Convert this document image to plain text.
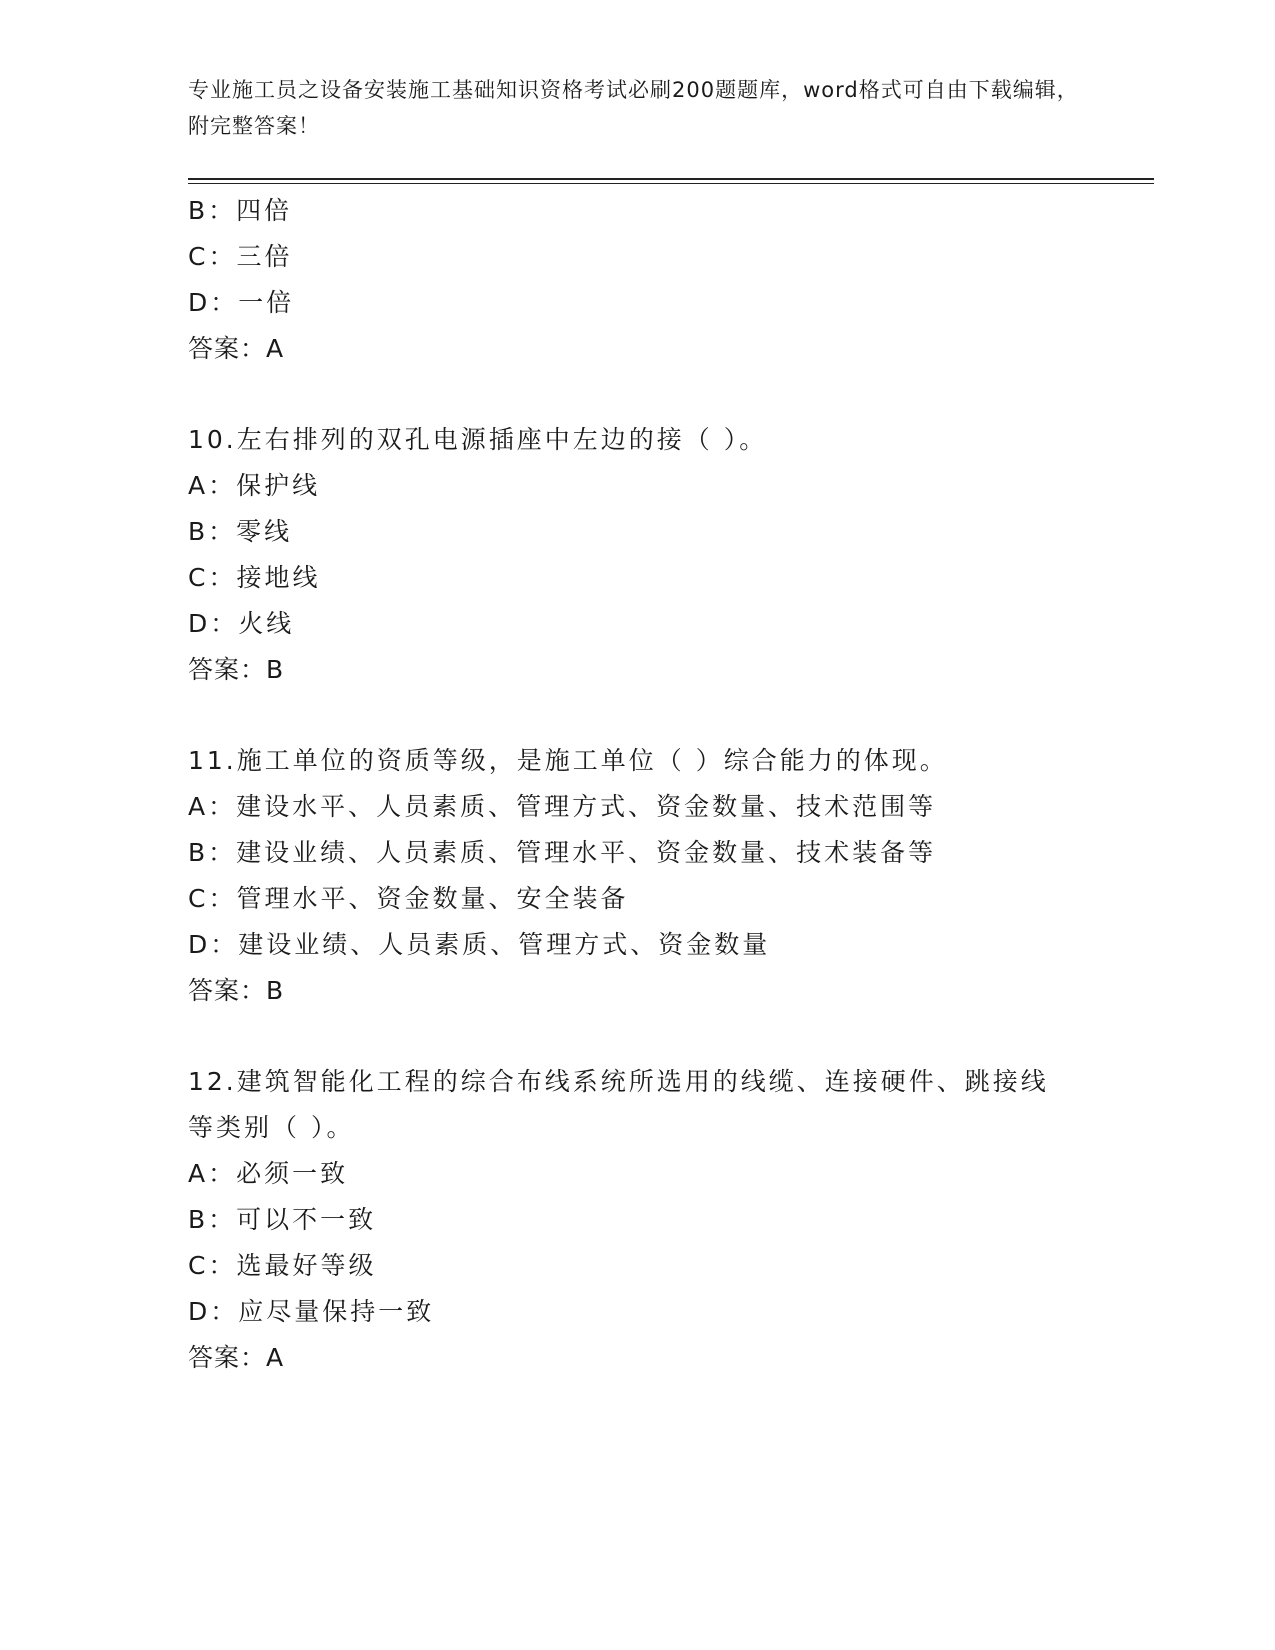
专业施工员之设备安装施工基础知识资格考试必刷200题题库，word格式可自由下载编辑，附完整答案！
B：四倍
C：三倍
D：一倍
答案：A
10.左右排列的双孔电源插座中左边的接（ ）。
A：保护线
B：零线
C：接地线
D：火线
答案：B
11.施工单位的资质等级，是施工单位（ ）综合能力的体现。
A：建设水平、人员素质、管理方式、资金数量、技术范围等
B：建设业绩、人员素质、管理水平、资金数量、技术装备等
C：管理水平、资金数量、安全装备
D：建设业绩、人员素质、管理方式、资金数量
答案：B
12.建筑智能化工程的综合布线系统所选用的线缆、连接硬件、跳接线
等类别（ ）。
A：必须一致
B：可以不一致
C：选最好等级
D：应尽量保持一致
答案：A
